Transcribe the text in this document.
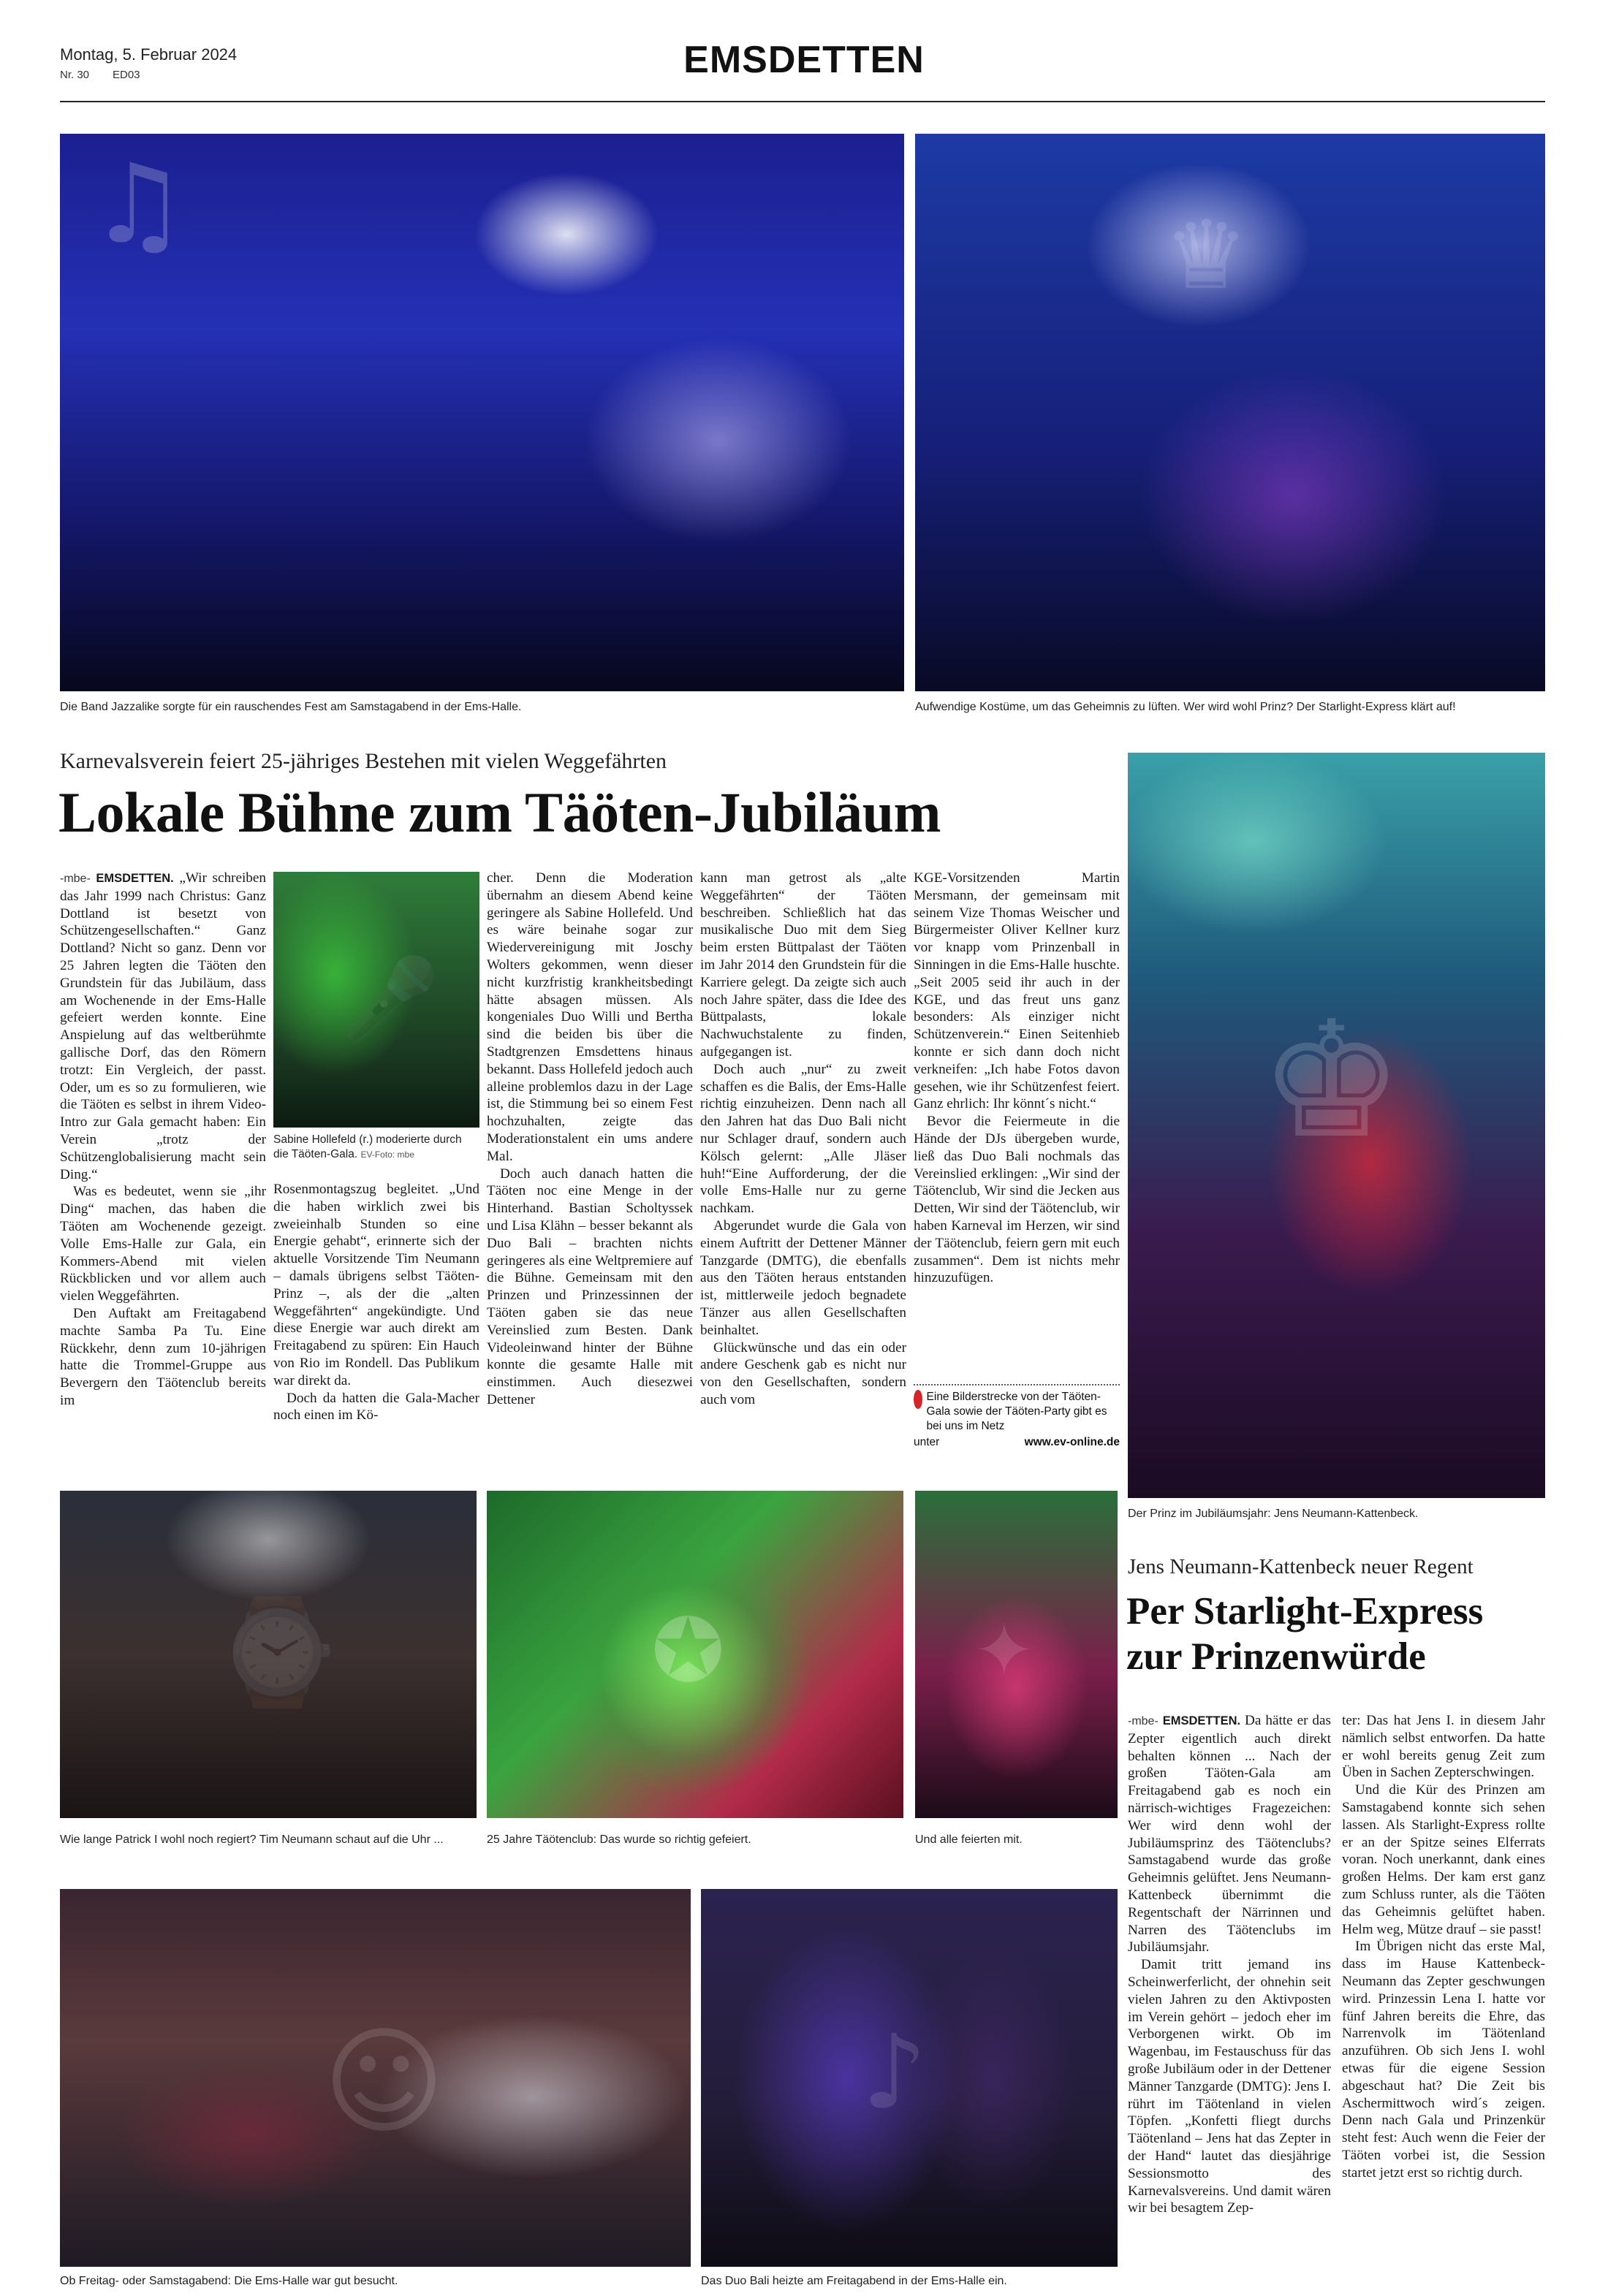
Montag, 5. Februar 2024
Nr. 30 ED03	EMSDETTEN
♫
Die Band Jazzalike sorgte für ein rauschendes Fest am Samstagabend in der Ems-Halle.
♛
Aufwendige Kostüme, um das Geheimnis zu lüften. Wer wird wohl Prinz? Der Starlight-Express klärt auf!
Karnevalsverein feiert 25-jähriges Bestehen mit vielen Weggefährten
Lokale Bühne zum Täöten-Jubiläum
-mbe- EMSDETTEN. „Wir schreiben das Jahr 1999 nach Christus: Ganz Dottland ist besetzt von Schützengesellschaften.“ Ganz Dottland? Nicht so ganz. Denn vor 25 Jahren legten die Täöten den Grundstein für das Jubiläum, dass am Wochenende in der Ems-Halle gefeiert werden konnte. Eine Anspielung auf das weltberühmte gallische Dorf, das den Römern trotzt: Ein Vergleich, der passt. Oder, um es so zu formulieren, wie die Täöten es selbst in ihrem Video-Intro zur Gala gemacht haben: Ein Verein „trotz der Schützenglobalisierung macht sein Ding.“
Was es bedeutet, wenn sie „ihr Ding“ machen, das haben die Täöten am Wochenende gezeigt. Volle Ems-Halle zur Gala, ein Kommers-Abend mit vielen Rückblicken und vor allem auch vielen Weggefährten.
Den Auftakt am Freitagabend machte Samba Pa Tu. Eine Rückkehr, denn zum 10-jährigen hatte die Trommel-Gruppe aus Bevergern den Täötenclub bereits im
🎤
Sabine Hollefeld (r.) moderierte durch die Täöten-Gala. EV-Foto: mbe
Rosenmontagszug begleitet. „Und die haben wirklich zwei bis zweieinhalb Stunden so eine Energie gehabt“, erinnerte sich der aktuelle Vorsitzende Tim Neumann – damals übrigens selbst Täöten-Prinz –, als der die „alten Weggefährten“ angekündigte. Und diese Energie war auch direkt am Freitagabend zu spüren: Ein Hauch von Rio im Rondell. Das Publikum war direkt da.
Doch da hatten die Gala-Macher noch einen im Kö-
cher. Denn die Moderation übernahm an diesem Abend keine geringere als Sabine Hollefeld. Und es wäre beinahe sogar zur Wiedervereinigung mit Joschy Wolters gekommen, wenn dieser nicht kurzfristig krankheitsbedingt hätte absagen müssen. Als kongeniales Duo Willi und Bertha sind die beiden bis über die Stadtgrenzen Emsdettens hinaus bekannt. Dass Hollefeld jedoch auch alleine problemlos dazu in der Lage ist, die Stimmung bei so einem Fest hochzuhalten, zeigte das Moderationstalent ein ums andere Mal.
Doch auch danach hatten die Täöten noc eine Menge in der Hinterhand. Bastian Scholtyssek und Lisa Klähn – besser bekannt als Duo Bali – brachten nichts geringeres als eine Weltpremiere auf die Bühne. Gemeinsam mit den Prinzen und Prinzessinnen der Täöten gaben sie das neue Vereinslied zum Besten. Dank Videoleinwand hinter der Bühne konnte die gesamte Halle mit einstimmen. Auch diesezwei Dettener
kann man getrost als „alte Weggefährten“ der Täöten beschreiben. Schließlich hat das musikalische Duo mit dem Sieg beim ersten Büttpalast der Täöten im Jahr 2014 den Grundstein für die Karriere gelegt. Da zeigte sich auch noch Jahre später, dass die Idee des Büttpalasts, lokale Nachwuchstalente zu finden, aufgegangen ist.
Doch auch „nur“ zu zweit schaffen es die Balis, der Ems-Halle richtig einzuheizen. Denn nach all den Jahren hat das Duo Bali nicht nur Schlager drauf, sondern auch Kölsch gelernt: „Alle Jläser huh!“Eine Aufforderung, der die volle Ems-Halle nur zu gerne nachkam.
Abgerundet wurde die Gala von einem Auftritt der Dettener Männer Tanzgarde (DMTG), die ebenfalls aus den Täöten heraus entstanden ist, mittlerweile jedoch begnadete Tänzer aus allen Gesellschaften beinhaltet.
Glückwünsche und das ein oder andere Geschenk gab es nicht nur von den Gesellschaften, sondern auch vom
KGE-Vorsitzenden Martin Mersmann, der gemeinsam mit seinem Vize Thomas Weischer und Bürgermeister Oliver Kellner kurz vor knapp vom Prinzenball in Sinningen in die Ems-Halle huschte. „Seit 2005 seid ihr auch in der KGE, und das freut uns ganz besonders: Als einziger nicht Schützenverein.“ Einen Seitenhieb konnte er sich dann doch nicht verkneifen: „Ich habe Fotos davon gesehen, wie ihr Schützenfest feiert. Ganz ehrlich: Ihr könnt´s nicht.“
Bevor die Feiermeute in die Hände der DJs übergeben wurde, ließ das Duo Bali nochmals das Vereinslied erklingen: „Wir sind der Täötenclub, Wir sind die Jecken aus Detten, Wir sind der Täötenclub, wir haben Karneval im Herzen, wir sind der Täötenclub, feiern gern mit euch zusammen“. Dem ist nichts mehr hinzuzufügen.
Eine Bilderstrecke von der Täöten-Gala sowie der Täöten-Party gibt es bei uns im Netz
unter	www.ev-online.de
♚
Der Prinz im Jubiläumsjahr: Jens Neumann-Kattenbeck.
⌚
Wie lange Patrick I wohl noch regiert? Tim Neumann schaut auf die Uhr ...
✪
25 Jahre Täötenclub: Das wurde so richtig gefeiert.
✦
Und alle feierten mit.
Jens Neumann-Kattenbeck neuer Regent
Per Starlight-Express
zur Prinzenwürde
-mbe- EMSDETTEN. Da hätte er das Zepter eigentlich auch direkt behalten können ... Nach der großen Täöten-Gala am Freitagabend gab es noch ein närrisch-wichtiges Fragezeichen: Wer wird denn wohl der Jubiläumsprinz des Täötenclubs? Samstagabend wurde das große Geheimnis gelüftet. Jens Neumann-Kattenbeck übernimmt die Regentschaft der Närrinnen und Narren des Täötenclubs im Jubiläumsjahr.
Damit tritt jemand ins Scheinwerferlicht, der ohnehin seit vielen Jahren zu den Aktivposten im Verein gehört – jedoch eher im Verborgenen wirkt. Ob im Wagenbau, im Festauschuss für das große Jubiläum oder in der Dettener Männer Tanzgarde (DMTG): Jens I. rührt im Täötenland in vielen Töpfen. „Konfetti fliegt durchs Täötenland – Jens hat das Zepter in der Hand“ lautet das diesjährige Sessionsmotto des Karnevalsvereins. Und damit wären wir bei besagtem Zep-
ter: Das hat Jens I. in diesem Jahr nämlich selbst entworfen. Da hatte er wohl bereits genug Zeit zum Üben in Sachen Zepterschwingen.
Und die Kür des Prinzen am Samstagabend konnte sich sehen lassen. Als Starlight-Express rollte er an der Spitze seines Elferrats voran. Noch unerkannt, dank eines großen Helms. Der kam erst ganz zum Schluss runter, als die Täöten das Geheimnis gelüftet haben. Helm weg, Mütze drauf – sie passt!
Im Übrigen nicht das erste Mal, dass im Hause Kattenbeck-Neumann das Zepter geschwungen wird. Prinzessin Lena I. hatte vor fünf Jahren bereits die Ehre, das Narrenvolk im Täötenland anzuführen. Ob sich Jens I. wohl etwas für die eigene Session abgeschaut hat? Die Zeit bis Aschermittwoch wird´s zeigen. Denn nach Gala und Prinzenkür steht fest: Auch wenn die Feier der Täöten vorbei ist, die Session startet jetzt erst so richtig durch.
☺
Ob Freitag- oder Samstagabend: Die Ems-Halle war gut besucht.
♪
Das Duo Bali heizte am Freitagabend in der Ems-Halle ein.
